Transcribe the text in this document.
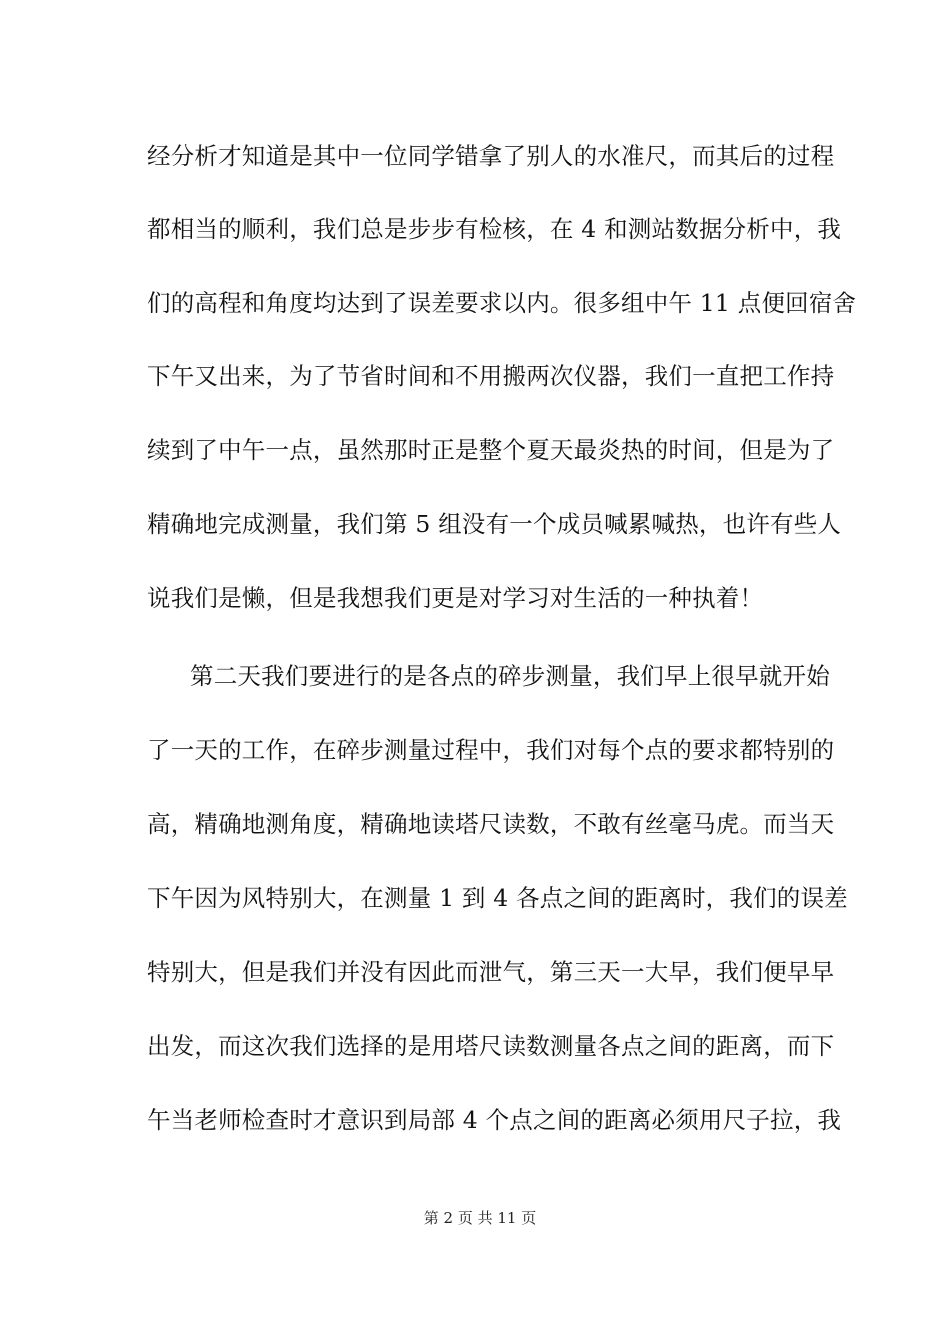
经分析才知道是其中一位同学错拿了别人的水准尺，而其后的过程
都相当的顺利，我们总是步步有检核，在 4 和测站数据分析中，我
们的高程和角度均达到了误差要求以内。很多组中午 11 点便回宿舍
下午又出来，为了节省时间和不用搬两次仪器，我们一直把工作持
续到了中午一点，虽然那时正是整个夏天最炎热的时间，但是为了
精确地完成测量，我们第 5 组没有一个成员喊累喊热，也许有些人
说我们是懒，但是我想我们更是对学习对生活的一种执着！
第二天我们要进行的是各点的碎步测量，我们早上很早就开始
了一天的工作，在碎步测量过程中，我们对每个点的要求都特别的
高，精确地测角度，精确地读塔尺读数，不敢有丝毫马虎。而当天
下午因为风特别大，在测量 1 到 4 各点之间的距离时，我们的误差
特别大，但是我们并没有因此而泄气，第三天一大早，我们便早早
出发，而这次我们选择的是用塔尺读数测量各点之间的距离，而下
午当老师检查时才意识到局部 4 个点之间的距离必须用尺子拉，我
第 2 页 共 11 页
